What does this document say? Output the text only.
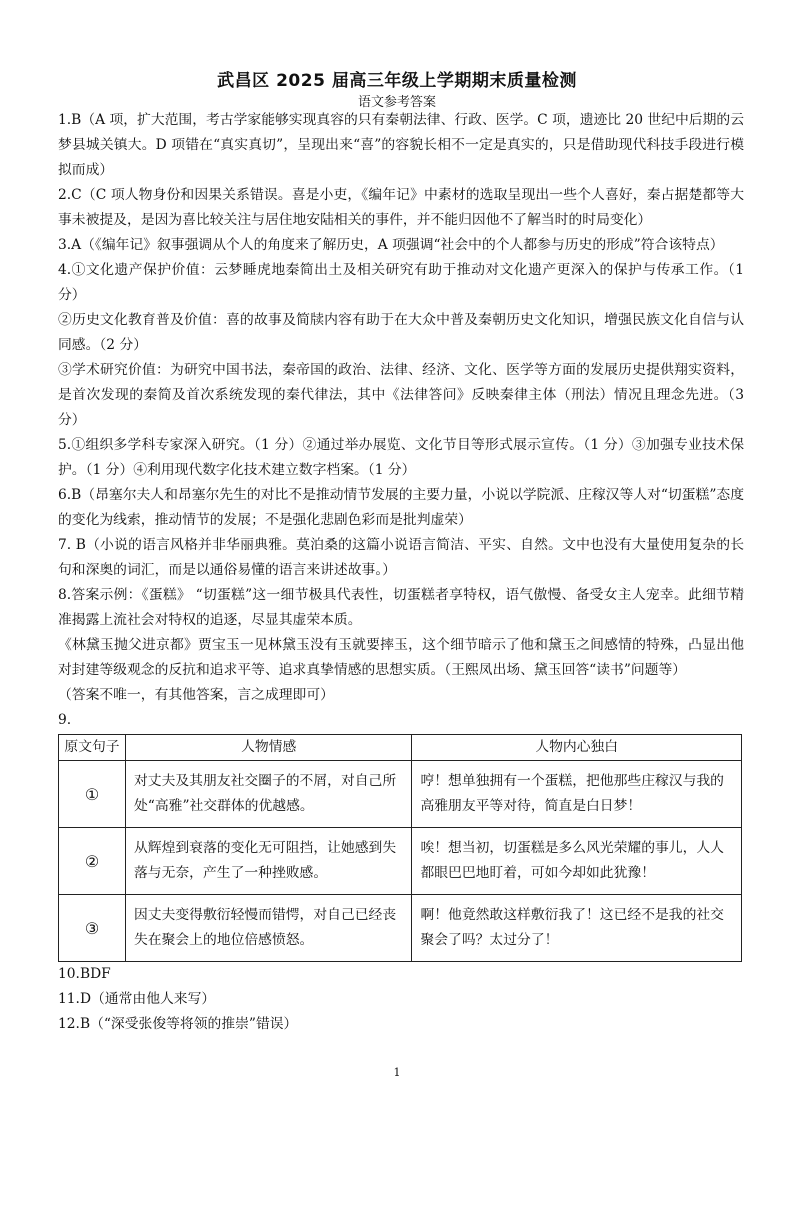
武昌区 2025 届高三年级上学期期末质量检测
语文参考答案

1.B（A 项，扩大范围，考古学家能够实现真容的只有秦朝法律、行政、医学。C 项，遗迹比 20 世纪中后期的云梦县城关镇大。D 项错在“真实真切”，呈现出来“喜”的容貌长相不一定是真实的，只是借助现代科技手段进行模拟而成）

2.C（C 项人物身份和因果关系错误。喜是小吏，《编年记》中素材的选取呈现出一些个人喜好，秦占据楚都等大事未被提及，是因为喜比较关注与居住地安陆相关的事件，并不能归因他不了解当时的时局变化）

3.A（《编年记》叙事强调从个人的角度来了解历史，A 项强调“社会中的个人都参与历史的形成”符合该特点）

4.①文化遗产保护价值：云梦睡虎地秦简出土及相关研究有助于推动对文化遗产更深入的保护与传承工作。（1 分）

②历史文化教育普及价值：喜的故事及简牍内容有助于在大众中普及秦朝历史文化知识，增强民族文化自信与认同感。（2 分）

③学术研究价值：为研究中国书法，秦帝国的政治、法律、经济、文化、医学等方面的发展历史提供翔实资料，是首次发现的秦简及首次系统发现的秦代律法，其中《法律答问》反映秦律主体（刑法）情况且理念先进。（3 分）

5.①组织多学科专家深入研究。（1 分）②通过举办展览、文化节目等形式展示宣传。（1 分）③加强专业技术保护。（1 分）④利用现代数字化技术建立数字档案。（1 分）

6.B（昂塞尔夫人和昂塞尔先生的对比不是推动情节发展的主要力量，小说以学院派、庄稼汉等人对“切蛋糕”态度的变化为线索，推动情节的发展；不是强化悲剧色彩而是批判虚荣）

7. B（小说的语言风格并非华丽典雅。莫泊桑的这篇小说语言简洁、平实、自然。文中也没有大量使用复杂的长句和深奥的词汇，而是以通俗易懂的语言来讲述故事。）

8.答案示例：《蛋糕》 “切蛋糕”这一细节极具代表性，切蛋糕者享特权，语气傲慢、备受女主人宠幸。此细节精准揭露上流社会对特权的追逐，尽显其虚荣本质。

《林黛玉抛父进京都》贾宝玉一见林黛玉没有玉就要摔玉，这个细节暗示了他和黛玉之间感情的特殊，凸显出他对封建等级观念的反抗和追求平等、追求真挚情感的思想实质。（王熙凤出场、黛玉回答“读书”问题等）

（答案不唯一，有其他答案，言之成理即可）

9.

原文句子	人物情感	人物内心独白
①	对丈夫及其朋友社交圈子的不屑，对自己所处“高雅”社交群体的优越感。	哼！想单独拥有一个蛋糕，把他那些庄稼汉与我的高雅朋友平等对待，简直是白日梦！
②	从辉煌到衰落的变化无可阻挡，让她感到失落与无奈，产生了一种挫败感。	唉！想当初，切蛋糕是多么风光荣耀的事儿，人人都眼巴巴地盯着，可如今却如此犹豫！
③	因丈夫变得敷衍轻慢而错愕，对自己已经丧失在聚会上的地位倍感愤怒。	啊！他竟然敢这样敷衍我了！这已经不是我的社交聚会了吗？太过分了！

10.BDF

11.D（通常由他人来写）

12.B（“深受张俊等将领的推崇”错误）

1
